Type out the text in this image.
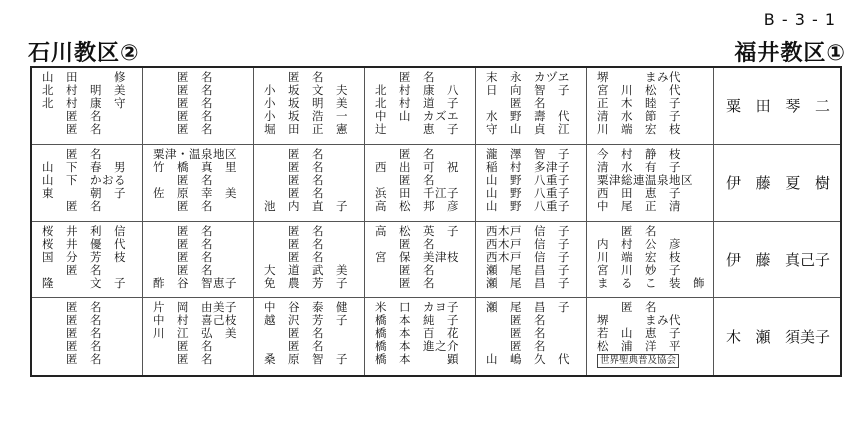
B - 3 - 1
石川教区②	福井教区①
山　田　　　修
北　村　明　美
北　村　康　守
　　匿　名
　　匿　名
　　匿　名
　　匿　名
　　匿　名
　　匿　名
　　匿　名
　　匿　名
小　坂　文　夫
小　坂　明　美
小　坂　浩　一
堀　田　正　憲
　　匿　名
北　村　康　八
北　村　道　子
中　山　カズエ
辻　　　恵　子
末　永　カヅヱ
日　向　智　子
　　匿　名
水　野　壽　代
守　山　貞　江
堺　　　まみ代
宮　川　松　代
正　木　睦　子
清　水　節　子
川　端　宏　枝
　　匿　名
山　下　春　男
山　下　かおる
東　　　朝　子
　　匿　名
粟津・温泉地区
竹　橋　真　里
　　匿　名
佐　原　幸　美
　　匿　名
　　匿　名
　　匿　名
　　匿　名
　　匿　名
池　内　直　子
　　匿　名
西　出　可　祝
　　匿　名
浜　田　千江子
高　松　邦　彦
瀧　澤　智　子
稲　村　多津子
山　野　八重子
山　野　八重子
山　野　八重子
今　村　静　枝
清　水　有　子
粟津総連温泉地区
西　田　恵　子
中　尾　正　清
桜　井　利　信
桜　井　優　代
国　分　芳　枝
　　匿　名
隆　　　文　子
　　匿　名
　　匿　名
　　匿　名
　　匿　名
酢　谷　智恵子
　　匿　名
　　匿　名
　　匿　名
大　道　武　美
免　農　芳　子
高　松　英　子
　　匿　名
宮　保　美津枝
　　匿　名
　　匿　名
西木戸　信　子
西木戸　信　子
西木戸　信　子
瀬　尾　昌　子
瀬　尾　昌　子
　　匿　名
内　村　公　彦
川　端　宏　枝
宮　川　妙　子
ま　る　こ　装　飾
　　匿　名
　　匿　名
　　匿　名
　　匿　名
　　匿　名
片　岡　由美子
中　村　喜己枝
川　江　弘　美
　　匿　名
　　匿　名
中　谷　泰　健
越　沢　芳　子
　　匿　名
　　匿　名
桑　原　智　子
米　口　カヨ子
橋　本　純　子
橋　本　百　花
橋　本　進之介
橋　本　　　顕
瀬　尾　昌　子
　　匿　名
　　匿　名
　　匿　名
山　嶋　久　代
　　匿　名
堺　　　まみ代
若　山　恵　子
松　浦　洋　平
世界聖典普及協会
粟 田 琴 二
伊 藤 夏 樹
伊 藤 真己子
木 瀬 須美子
